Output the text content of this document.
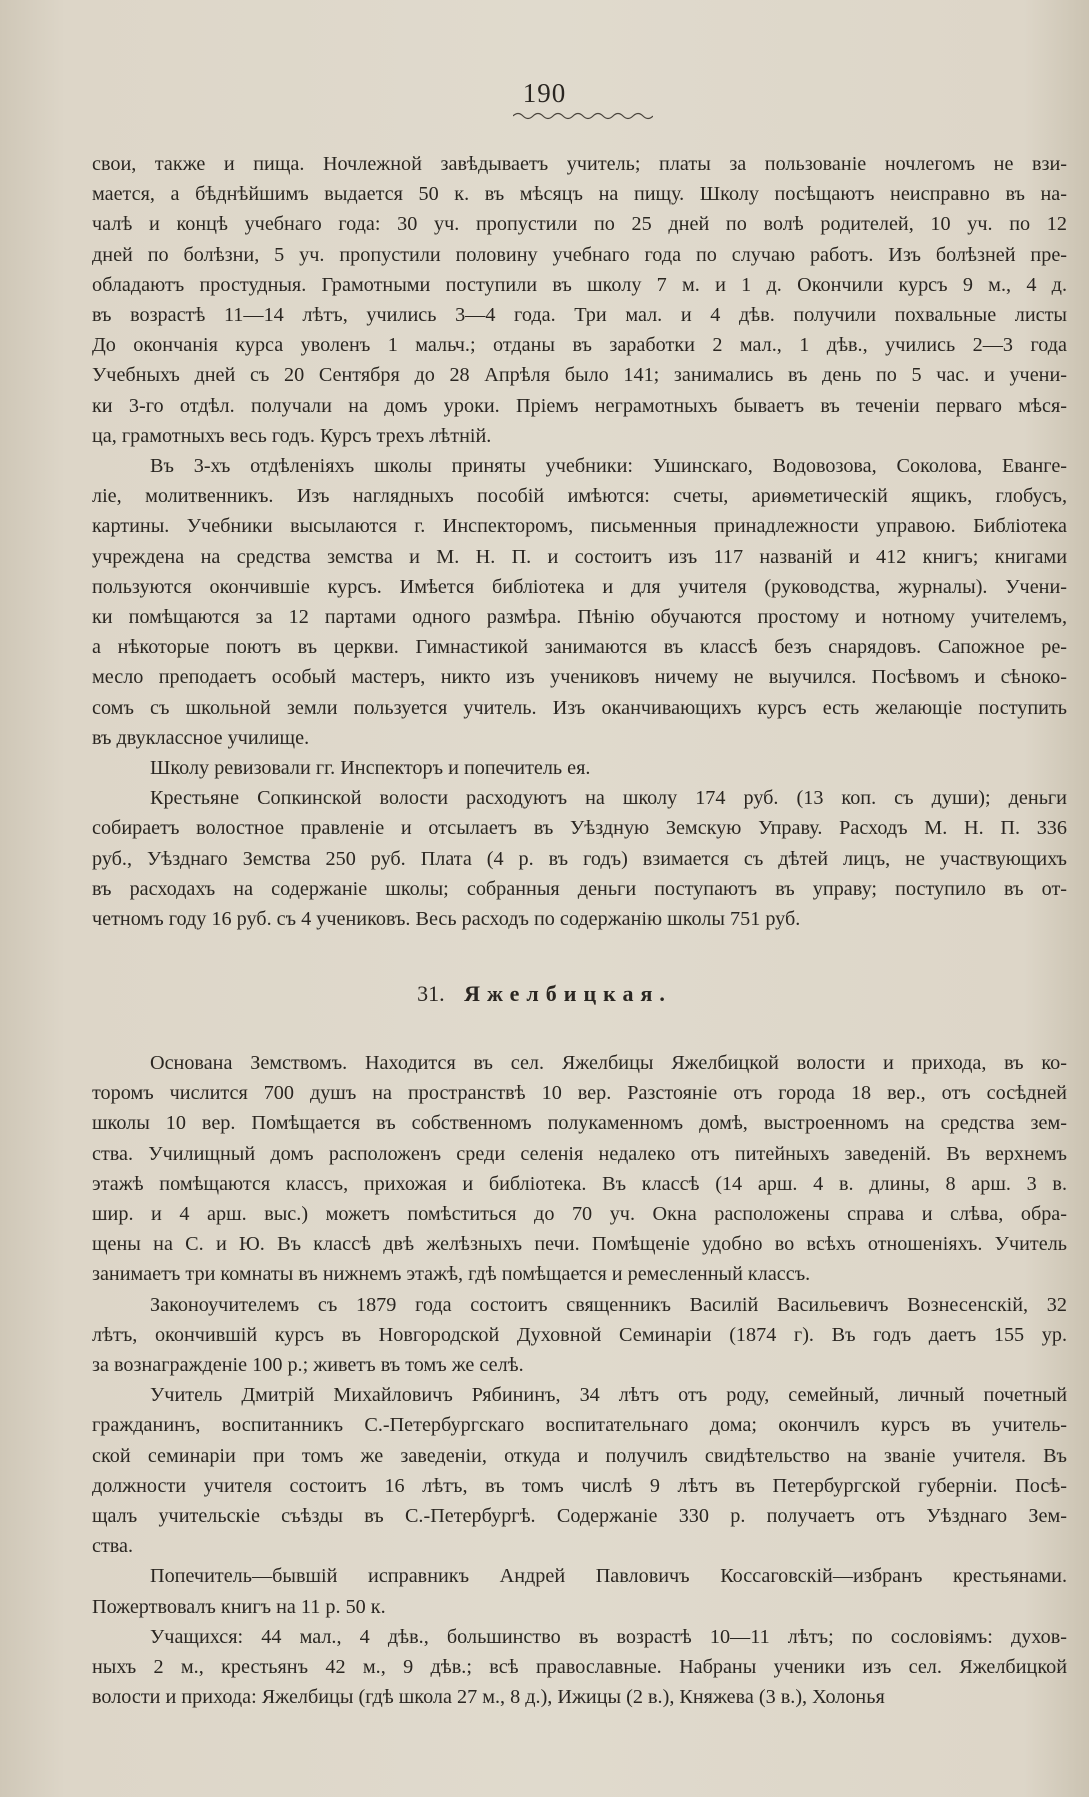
190

свои, также и пища. Ночлежной завѣдываетъ учитель; платы за пользованіе ночлегомъ не взи-
мается, а бѣднѣйшимъ выдается 50 к. въ мѣсяцъ на пищу. Школу посѣщаютъ неисправно въ на-
чалѣ и концѣ учебнаго года: 30 уч. пропустили по 25 дней по волѣ родителей, 10 уч. по 12
дней по болѣзни, 5 уч. пропустили половину учебнаго года по случаю работъ. Изъ болѣзней пре-
обладаютъ простудныя. Грамотными поступили въ школу 7 м. и 1 д. Окончили курсъ 9 м., 4 д.
въ возрастѣ 11—14 лѣтъ, учились 3—4 года. Три мал. и 4 дѣв. получили похвальные листы
До окончанія курса уволенъ 1 мальч.; отданы въ заработки 2 мал., 1 дѣв., учились 2—3 года
Учебныхъ дней съ 20 Сентября до 28 Апрѣля было 141; занимались въ день по 5 час. и учени-
ки 3-го отдѣл. получали на домъ уроки. Пріемъ неграмотныхъ бываетъ въ теченіи перваго мѣся-
ца, грамотныхъ весь годъ. Курсъ трехъ лѣтній.

Въ 3-хъ отдѣленіяхъ школы приняты учебники: Ушинскаго, Водовозова, Соколова, Еванге-
ліе, молитвенникъ. Изъ наглядныхъ пособій имѣются: счеты, ариѳметическій ящикъ, глобусъ,
картины. Учебники высылаются г. Инспекторомъ, письменныя принадлежности управою. Библіотека
учреждена на средства земства и М. Н. П. и состоитъ изъ 117 названій и 412 книгъ; книгами
пользуются окончившіе курсъ. Имѣется библіотека и для учителя (руководства, журналы). Учени-
ки помѣщаются за 12 партами одного размѣра. Пѣнію обучаются простому и нотному учителемъ,
а нѣкоторые поютъ въ церкви. Гимнастикой занимаются въ классѣ безъ снарядовъ. Сапожное ре-
месло преподаетъ особый мастеръ, никто изъ учениковъ ничему не выучился. Посѣвомъ и сѣноко-
сомъ съ школьной земли пользуется учитель. Изъ оканчивающихъ курсъ есть желающіе поступить
въ двуклассное училище.

Школу ревизовали гг. Инспекторъ и попечитель ея.

Крестьяне Сопкинской волости расходуютъ на школу 174 руб. (13 коп. съ души); деньги
собираетъ волостное правленіе и отсылаетъ въ Уѣздную Земскую Управу. Расходъ М. Н. П. 336
руб., Уѣзднаго Земства 250 руб. Плата (4 р. въ годъ) взимается съ дѣтей лицъ, не участвующихъ
въ расходахъ на содержаніе школы; собранныя деньги поступаютъ въ управу; поступило въ от-
четномъ году 16 руб. съ 4 учениковъ. Весь расходъ по содержанію школы 751 руб.

31. Яжелбицкая.

Основана Земствомъ. Находится въ сел. Яжелбицы Яжелбицкой волости и прихода, въ ко-
торомъ числится 700 душъ на пространствѣ 10 вер. Разстояніе отъ города 18 вер., отъ сосѣдней
школы 10 вер. Помѣщается въ собственномъ полукаменномъ домѣ, выстроенномъ на средства зем-
ства. Училищный домъ расположенъ среди селенія недалеко отъ питейныхъ заведеній. Въ верхнемъ
этажѣ помѣщаются классъ, прихожая и библіотека. Въ классѣ (14 арш. 4 в. длины, 8 арш. 3 в.
шир. и 4 арш. выс.) можетъ помѣститься до 70 уч. Окна расположены справа и слѣва, обра-
щены на С. и Ю. Въ классѣ двѣ желѣзныхъ печи. Помѣщеніе удобно во всѣхъ отношеніяхъ. Учитель
занимаетъ три комнаты въ нижнемъ этажѣ, гдѣ помѣщается и ремесленный классъ.

Законоучителемъ съ 1879 года состоитъ священникъ Василій Васильевичъ Вознесенскій, 32
лѣтъ, окончившій курсъ въ Новгородской Духовной Семинаріи (1874 г). Въ годъ даетъ 155 ур.
за вознагражденіе 100 р.; живетъ въ томъ же селѣ.

Учитель Дмитрій Михайловичъ Рябининъ, 34 лѣтъ отъ роду, семейный, личный почетный
гражданинъ, воспитанникъ С.-Петербургскаго воспитательнаго дома; окончилъ курсъ въ учитель-
ской семинаріи при томъ же заведеніи, откуда и получилъ свидѣтельство на званіе учителя. Въ
должности учителя состоитъ 16 лѣтъ, въ томъ числѣ 9 лѣтъ въ Петербургской губерніи. Посѣ-
щалъ учительскіе съѣзды въ С.-Петербургѣ. Содержаніе 330 р. получаетъ отъ Уѣзднаго Зем-
ства.

Попечитель—бывшій исправникъ Андрей Павловичъ Коссаговскій—избранъ крестьянами.
Пожертвовалъ книгъ на 11 р. 50 к.

Учащихся: 44 мал., 4 дѣв., большинство въ возрастѣ 10—11 лѣтъ; по сословіямъ: духов-
ныхъ 2 м., крестьянъ 42 м., 9 дѣв.; всѣ православные. Набраны ученики изъ сел. Яжелбицкой
волости и прихода: Яжелбицы (гдѣ школа 27 м., 8 д.), Ижицы (2 в.), Княжева (3 в.), Холонья
